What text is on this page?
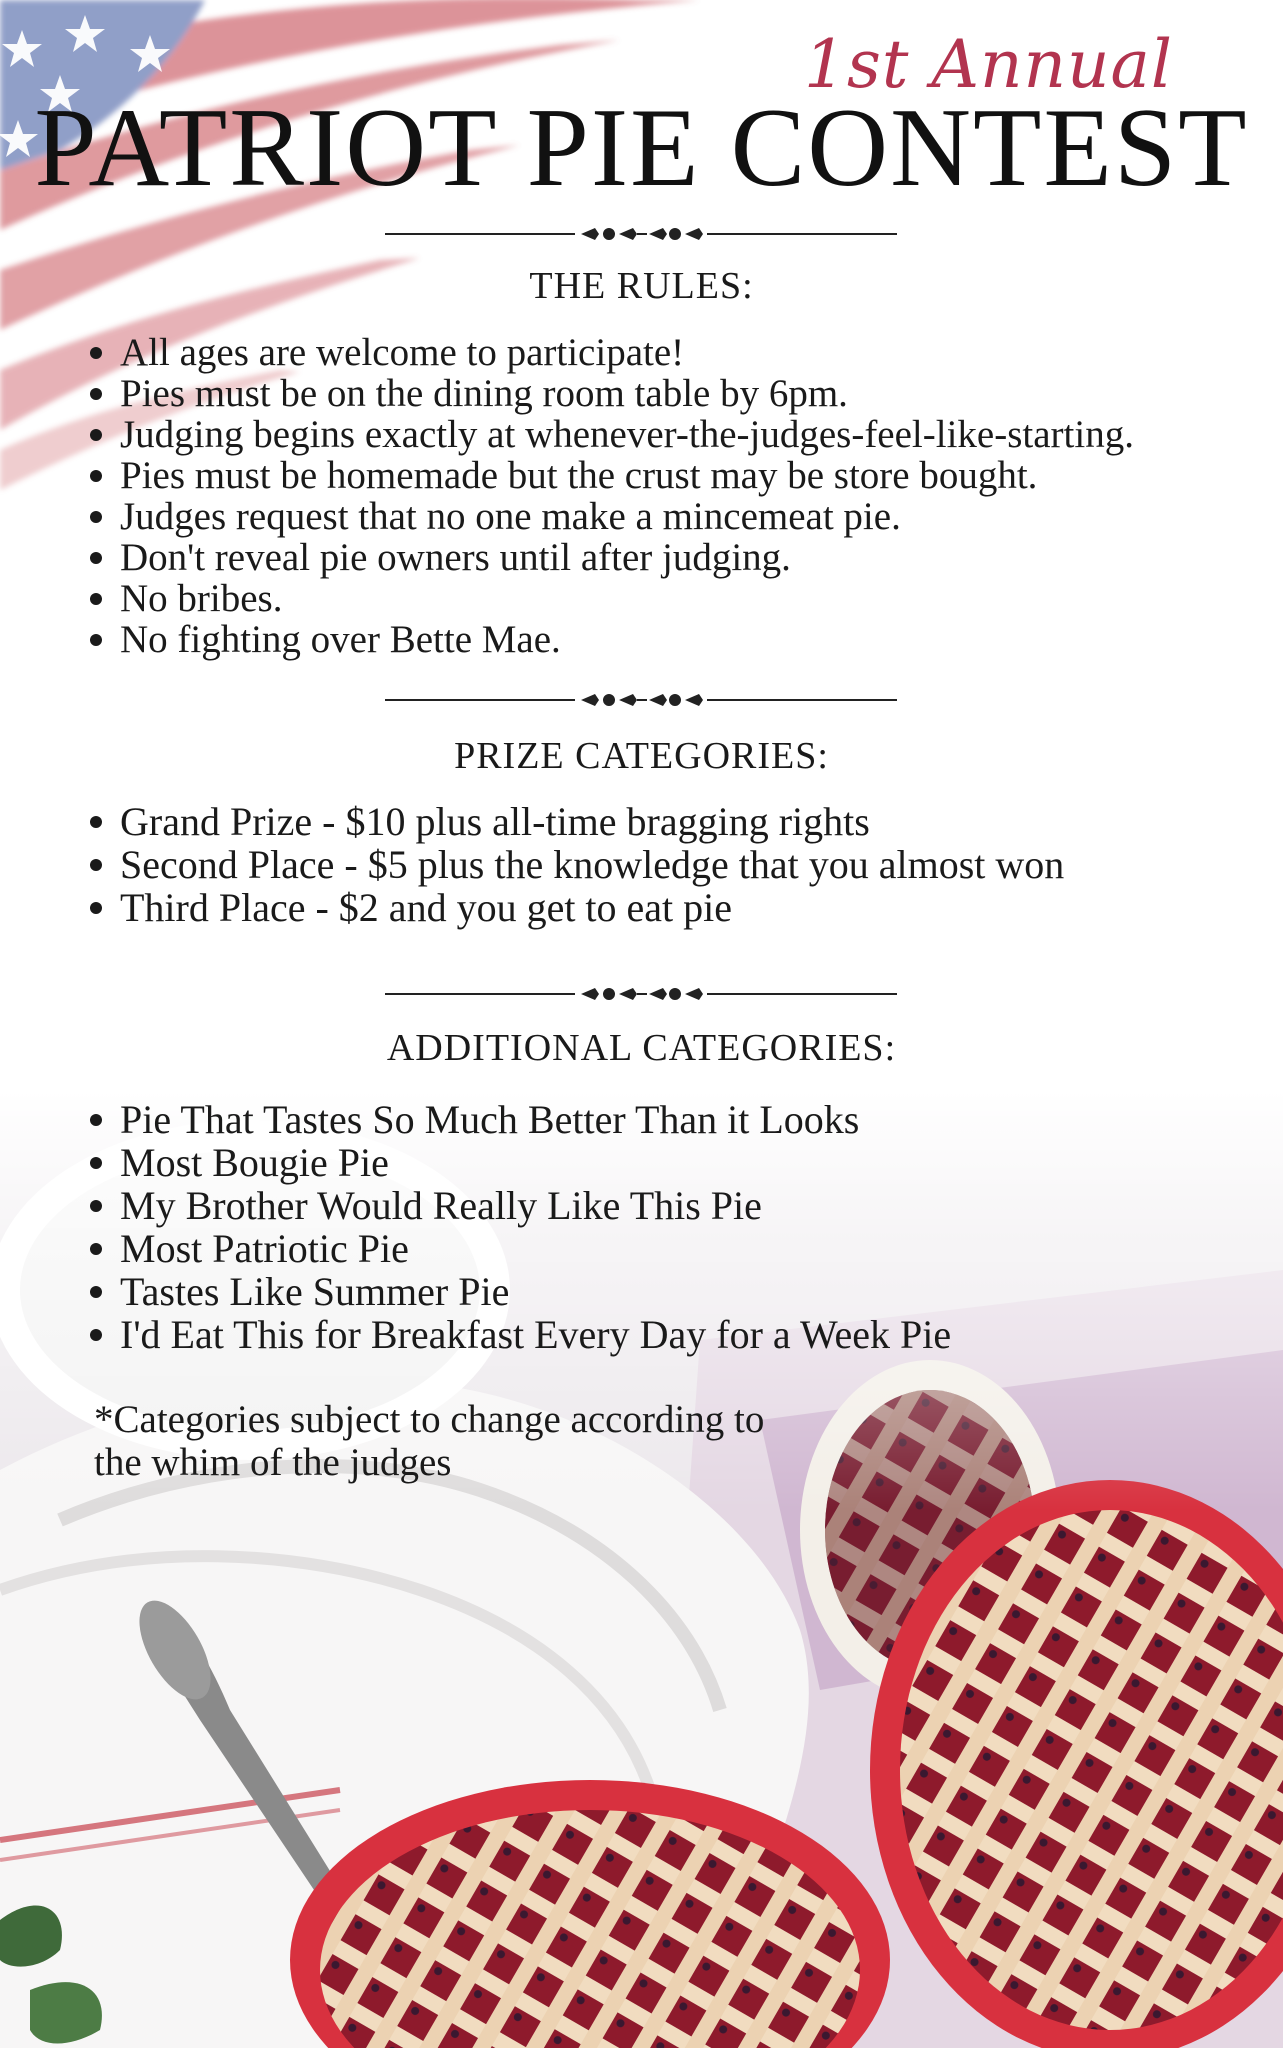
1st Annual
PATRIOT PIE CONTEST
THE RULES:
All ages are welcome to participate!
Pies must be on the dining room table by 6pm.
Judging begins exactly at whenever-the-judges-feel-like-starting.
Pies must be homemade but the crust may be store bought.
Judges request that no one make a mincemeat pie.
Don't reveal pie owners until after judging.
No bribes.
No fighting over Bette Mae.
PRIZE CATEGORIES:
Grand Prize - $10 plus all-time bragging rights
Second Place - $5 plus the knowledge that you almost won
Third Place - $2 and you get to eat pie
ADDITIONAL CATEGORIES:
Pie That Tastes So Much Better Than it Looks
Most Bougie Pie
My Brother Would Really Like This Pie
Most Patriotic Pie
Tastes Like Summer Pie
I'd Eat This for Breakfast Every Day for a Week Pie
*Categories subject to change according to
the whim of the judges
